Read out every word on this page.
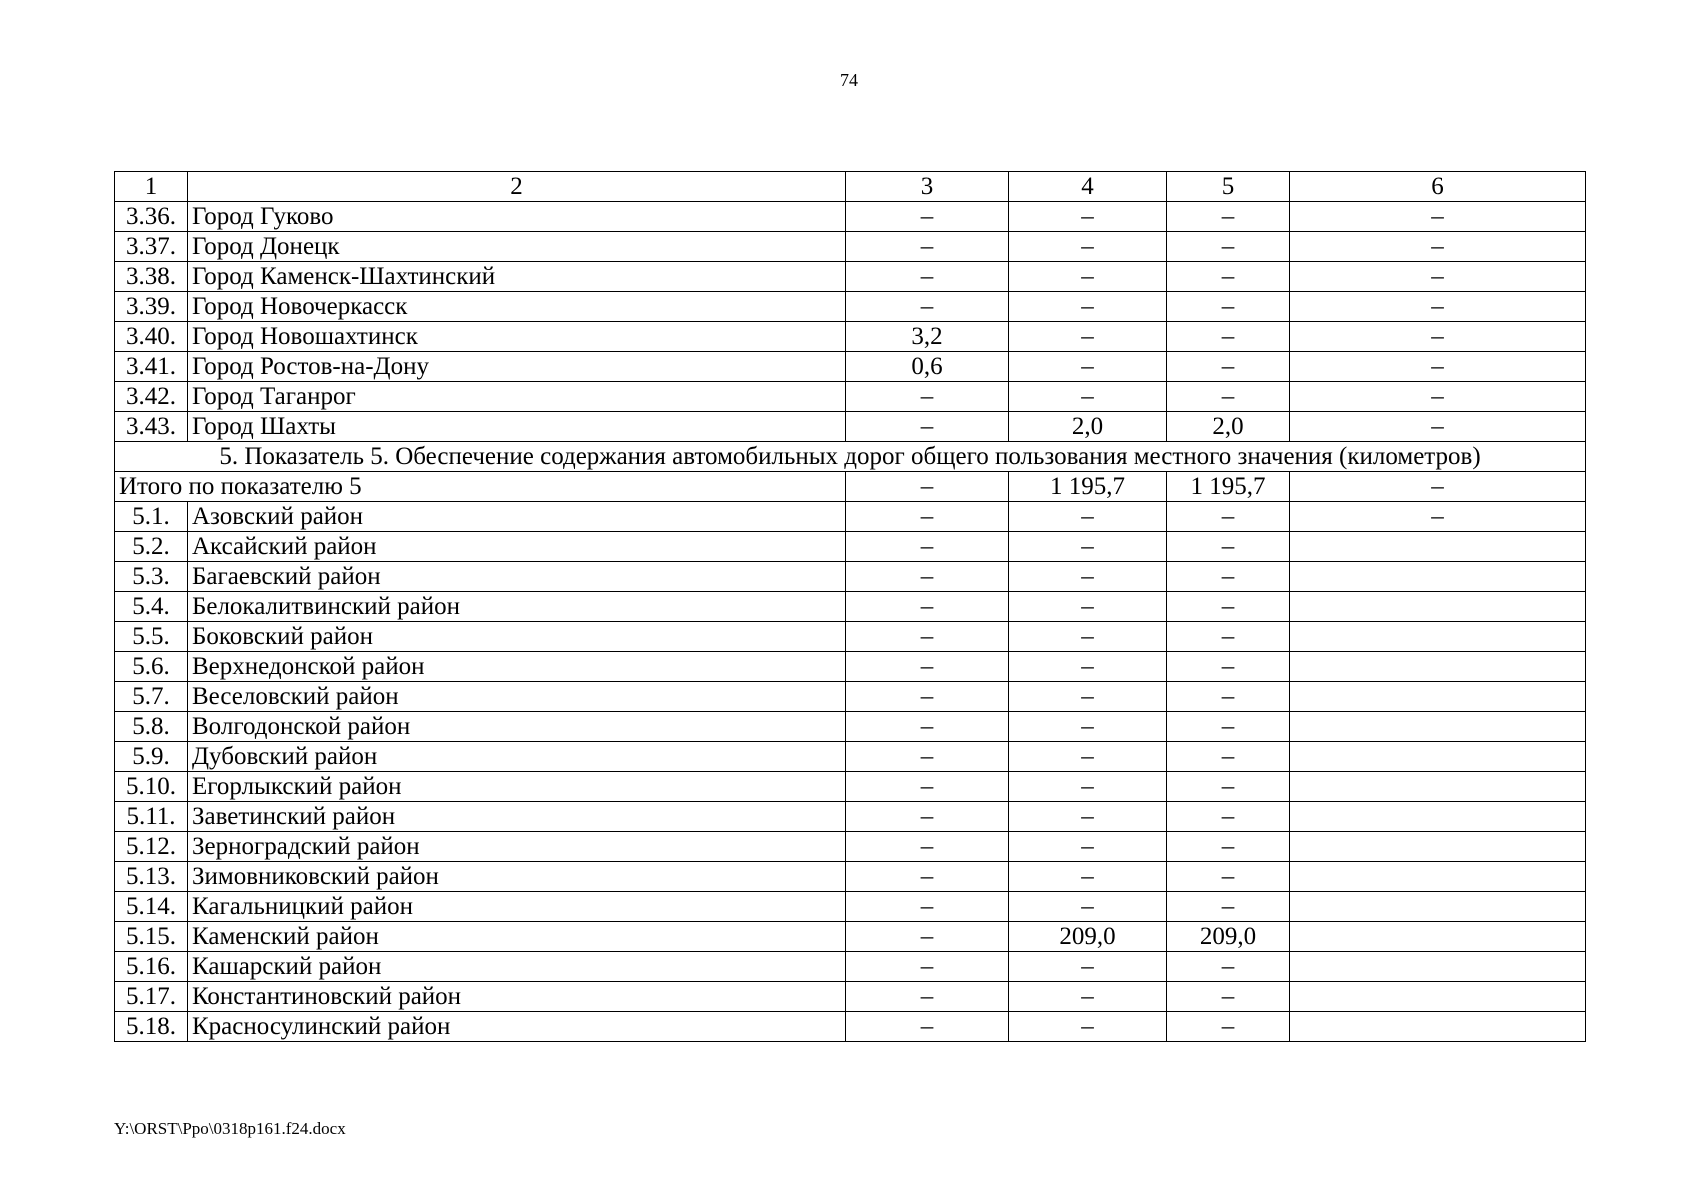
74
1	2	3	4	5	6
3.36.	Город Гуково	–	–	–	–
3.37.	Город Донецк	–	–	–	–
3.38.	Город Каменск-Шахтинский	–	–	–	–
3.39.	Город Новочеркасск	–	–	–	–
3.40.	Город Новошахтинск	3,2	–	–	–
3.41.	Город Ростов-на-Дону	0,6	–	–	–
3.42.	Город Таганрог	–	–	–	–
3.43.	Город Шахты	–	2,0	2,0	–
5. Показатель 5. Обеспечение содержания автомобильных дорог общего пользования местного значения (километров)					
Итого по показателю 5		–	1 195,7	1 195,7	–
5.1.	Азовский район	–	–	–	–
5.2.	Аксайский район	–	–	–	
5.3.	Багаевский район	–	–	–	
5.4.	Белокалитвинский район	–	–	–	
5.5.	Боковский район	–	–	–	
5.6.	Верхнедонской район	–	–	–	
5.7.	Веселовский район	–	–	–	
5.8.	Волгодонской район	–	–	–	
5.9.	Дубовский район	–	–	–	
5.10.	Егорлыкский район	–	–	–	
5.11.	Заветинский район	–	–	–	
5.12.	Зерноградский район	–	–	–	
5.13.	Зимовниковский район	–	–	–	
5.14.	Кагальницкий район	–	–	–	
5.15.	Каменский район	–	209,0	209,0	
5.16.	Кашарский район	–	–	–	
5.17.	Константиновский район	–	–	–	
5.18.	Красносулинский район	–	–	–	
Y:\ORST\Ppo\0318p161.f24.docx
